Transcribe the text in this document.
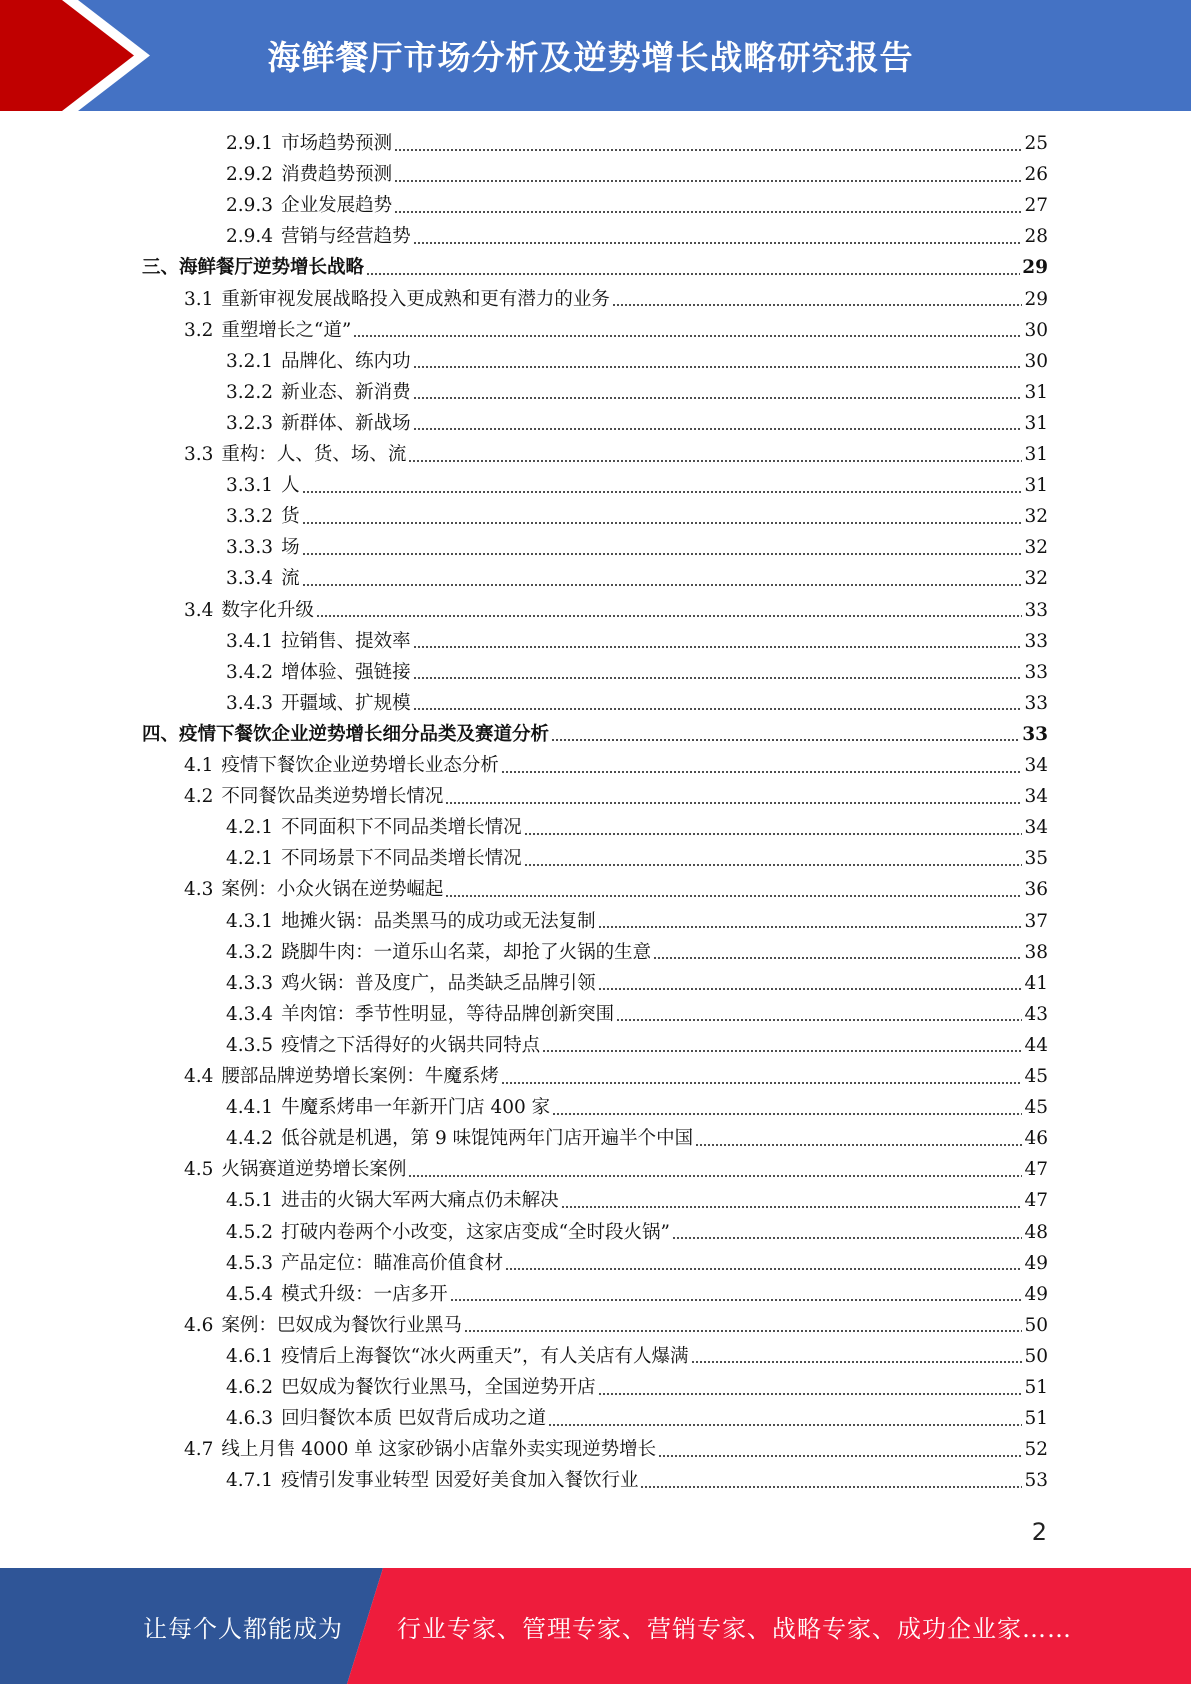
海鲜餐厅市场分析及逆势增长战略研究报告
2.9.1 市场趋势预测	25
2.9.2 消费趋势预测	26
2.9.3 企业发展趋势	27
2.9.4 营销与经营趋势	28
三、海鲜餐厅逆势增长战略	29
3.1 重新审视发展战略投入更成熟和更有潜力的业务	29
3.2 重塑增长之“道”	30
3.2.1 品牌化、练内功	30
3.2.2 新业态、新消费	31
3.2.3 新群体、新战场	31
3.3 重构：人、货、场、流	31
3.3.1 人	31
3.3.2 货	32
3.3.3 场	32
3.3.4 流	32
3.4 数字化升级	33
3.4.1 拉销售、提效率	33
3.4.2 增体验、强链接	33
3.4.3 开疆域、扩规模	33
四、疫情下餐饮企业逆势增长细分品类及赛道分析	33
4.1 疫情下餐饮企业逆势增长业态分析	34
4.2 不同餐饮品类逆势增长情况	34
4.2.1 不同面积下不同品类增长情况	34
4.2.1 不同场景下不同品类增长情况	35
4.3 案例：小众火锅在逆势崛起	36
4.3.1 地摊火锅：品类黑马的成功或无法复制	37
4.3.2 跷脚牛肉：一道乐山名菜，却抢了火锅的生意	38
4.3.3 鸡火锅：普及度广，品类缺乏品牌引领	41
4.3.4 羊肉馆：季节性明显，等待品牌创新突围	43
4.3.5 疫情之下活得好的火锅共同特点	44
4.4 腰部品牌逆势增长案例：牛魔系烤	45
4.4.1 牛魔系烤串一年新开门店 400 家	45
4.4.2 低谷就是机遇，第 9 味馄饨两年门店开遍半个中国	46
4.5 火锅赛道逆势增长案例	47
4.5.1 进击的火锅大军两大痛点仍未解决	47
4.5.2 打破内卷两个小改变，这家店变成“全时段火锅”	48
4.5.3 产品定位：瞄准高价值食材	49
4.5.4 模式升级：一店多开	49
4.6 案例：巴奴成为餐饮行业黑马	50
4.6.1 疫情后上海餐饮“冰火两重天”，有人关店有人爆满	50
4.6.2 巴奴成为餐饮行业黑马，全国逆势开店	51
4.6.3 回归餐饮本质 巴奴背后成功之道	51
4.7 线上月售 4000 单 这家砂锅小店靠外卖实现逆势增长	52
4.7.1 疫情引发事业转型 因爱好美食加入餐饮行业	53
2
让每个人都能成为 行业专家、管理专家、营销专家、战略专家、成功企业家……
